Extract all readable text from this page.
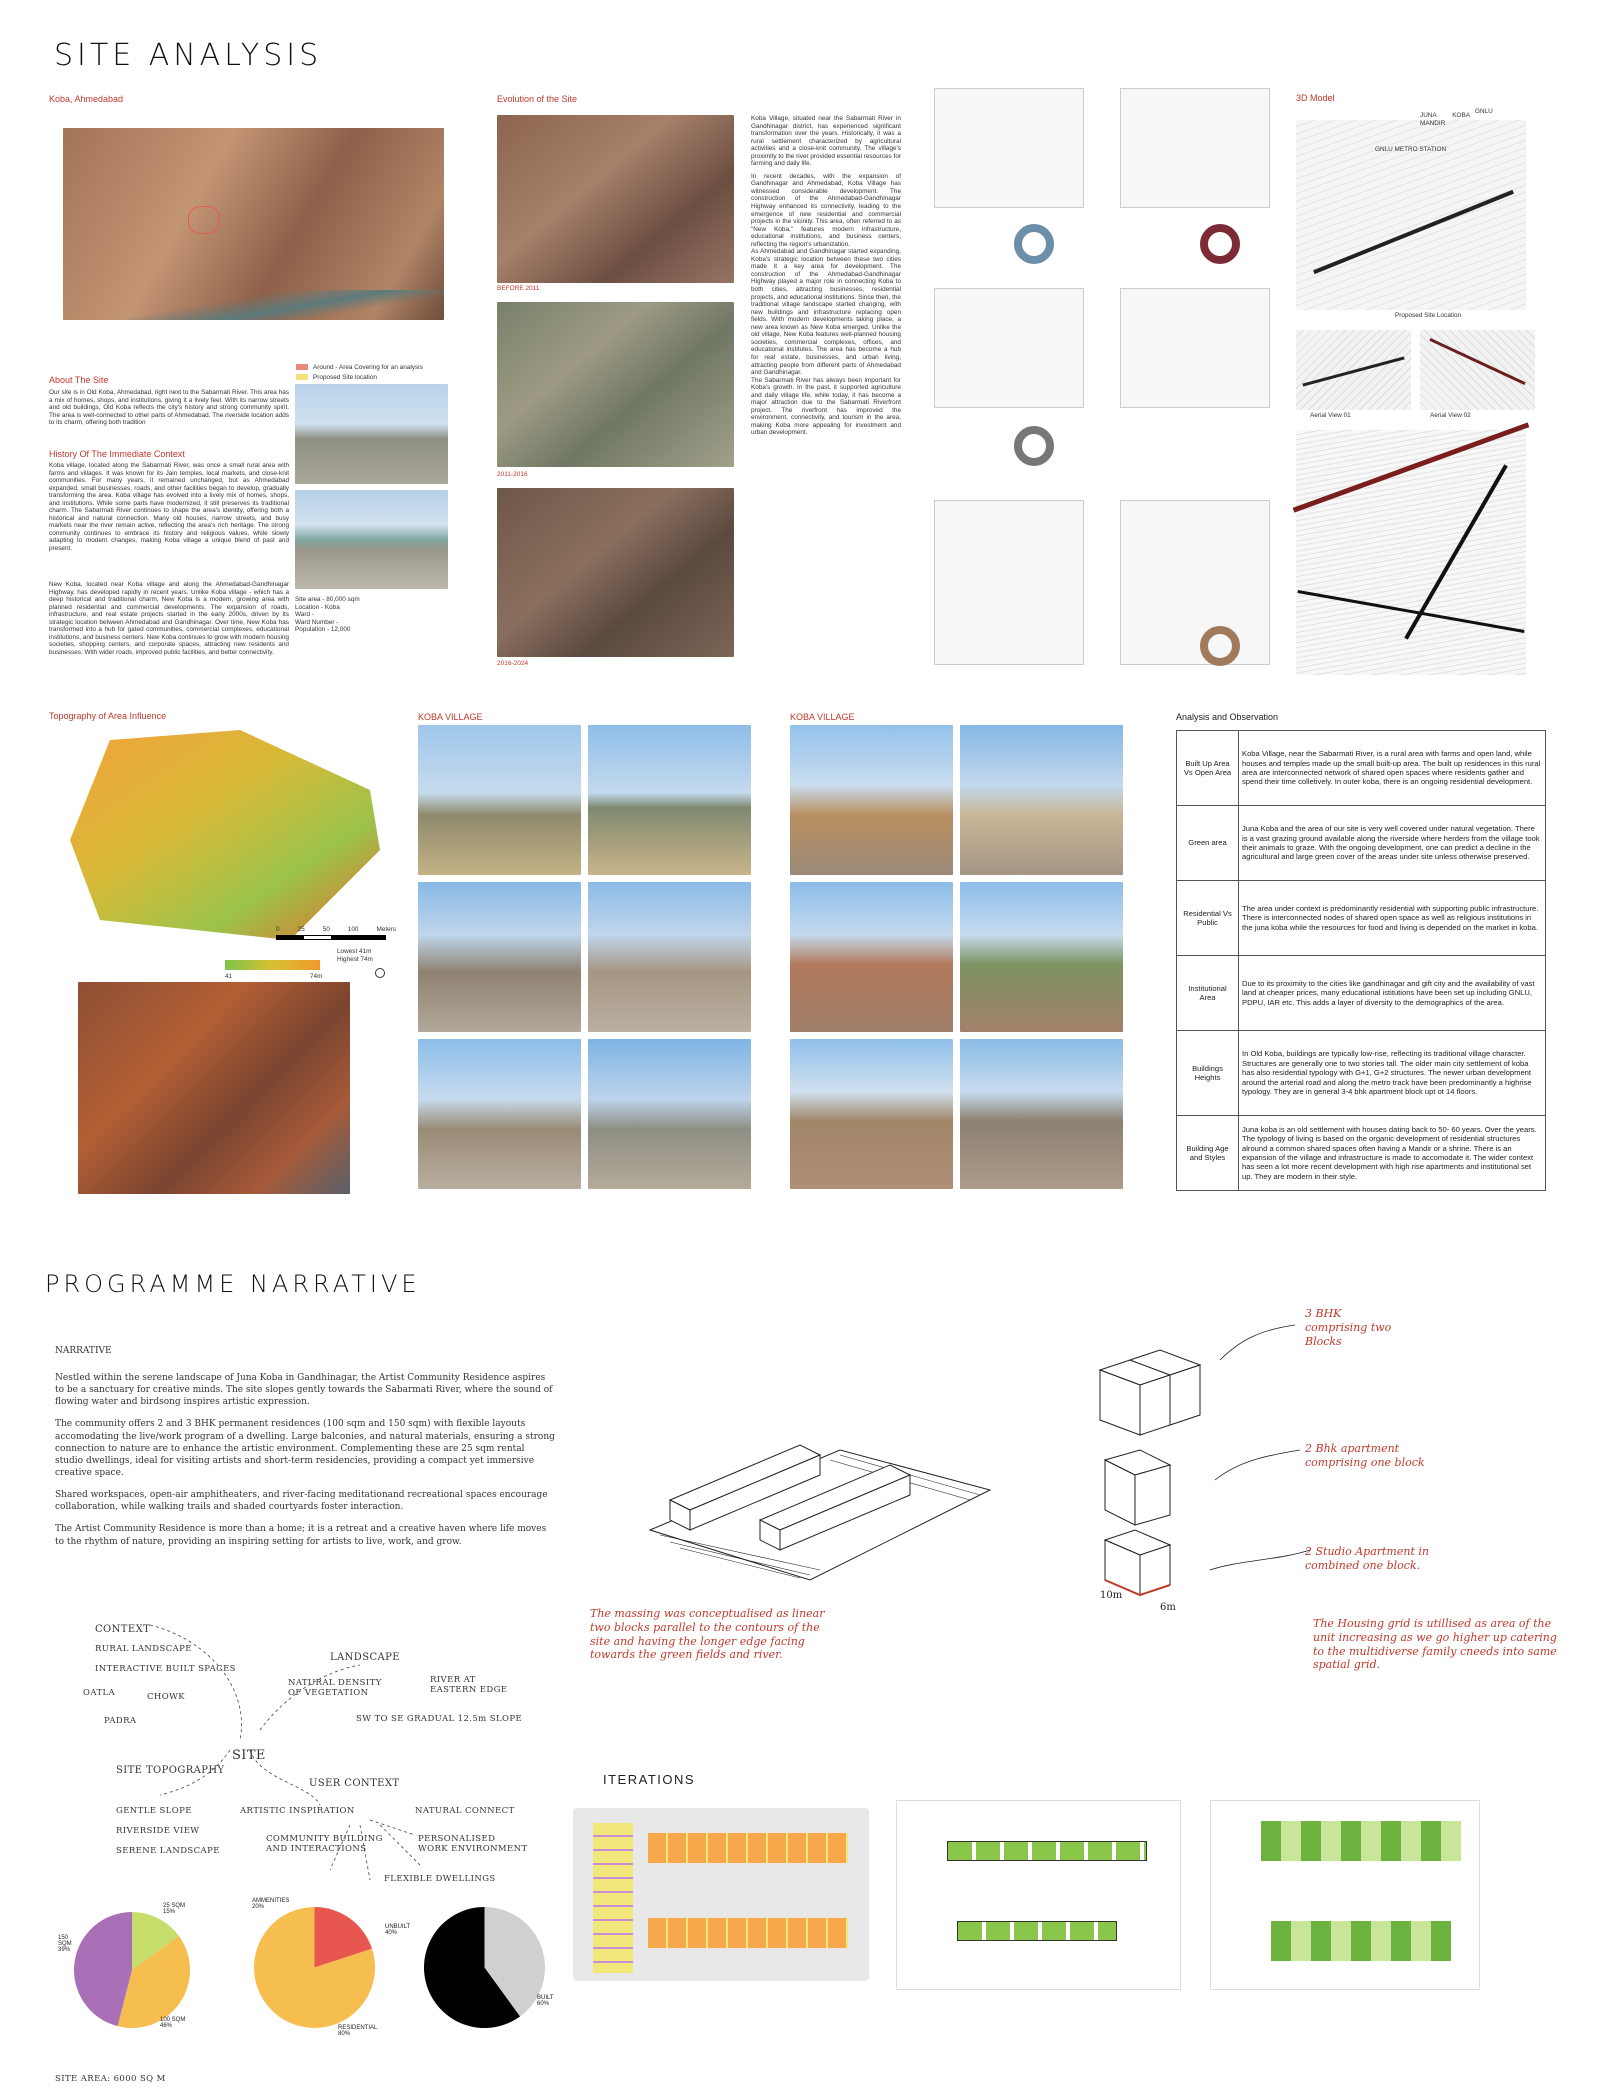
SITE ANALYSIS
Koba, Ahmedabad
Around - Area Covering for an analysis
Proposed Site location
About The Site
Our site is in Old Koba, Ahmedabad, right next to the Sabarmati River. This area has a mix of homes, shops, and institutions, giving it a lively feel. With its narrow streets and old buildings, Old Koba reflects the city's history and strong community spirit. The area is well-connected to other parts of Ahmedabad. The riverside location adds to its charm, offering both tradition
History Of The Immediate Context
Koba village, located along the Sabarmati River, was once a small rural area with farms and villages. It was known for its Jain temples, local markets, and close-knit communities. For many years, it remained unchanged, but as Ahmedabad expanded, small businesses, roads, and other facilities began to develop, gradually transforming the area. Koba village has evolved into a lively mix of homes, shops, and institutions. While some parts have modernized, it still preserves its traditional charm. The Sabarmati River continues to shape the area's identity, offering both a historical and natural connection. Many old houses, narrow streets, and busy markets near the river remain active, reflecting the area's rich heritage. The strong community continues to embrace its history and religious values, while slowly adapting to modern changes, making Koba village a unique blend of past and present.
New Koba, located near Koba village and along the Ahmedabad-Gandhinagar Highway, has developed rapidly in recent years. Unlike Koba village - which has a deep historical and traditional charm, New Koba is a modern, growing area with planned residential and commercial developments. The expansion of roads, infrastructure, and real estate projects started in the early 2000s, driven by its strategic location between Ahmedabad and Gandhinagar. Over time, New Koba has transformed into a hub for gated communities, commercial complexes, educational institutions, and business centers. New Koba continues to grow with modern housing societies, shopping centers, and corporate spaces, attracting new residents and businesses. With wider roads, improved public facilities, and better connectivity.
Site area - 80,000 sqm
Location - Koba
Ward -
Ward Number -
Population - 12,000
Evolution of the Site
BEFORE 2011
2011-2016
2016-2024
Koba Village, situated near the Sabarmati River in Gandhinagar district, has experienced significant transformation over the years. Historically, it was a rural settlement characterized by agricultural activities and a close-knit community. The village's proximity to the river provided essential resources for farming and daily life.
In recent decades, with the expansion of Gandhinagar and Ahmedabad, Koba Village has witnessed considerable development. The construction of the Ahmedabad-Gandhinagar Highway enhanced its connectivity, leading to the emergence of new residential and commercial projects in the vicinity. This area, often referred to as "New Koba," features modern infrastructure, educational institutions, and business centers, reflecting the region's urbanization.
As Ahmedabad and Gandhinagar started expanding, Koba's strategic location between these two cities made it a key area for development. The construction of the Ahmedabad-Gandhinagar Highway played a major role in connecting Koba to both cities, attracting businesses, residential projects, and educational institutions. Since then, the traditional village landscape started changing, with new buildings and infrastructure replacing open fields. With modern developments taking place, a new area known as New Koba emerged. Unlike the old village, New Koba features well-planned housing societies, commercial complexes, offices, and educational institutes. The area has become a hub for real estate, businesses, and urban living, attracting people from different parts of Ahmedabad and Gandhinagar.
The Sabarmati River has always been important for Koba's growth. In the past, it supported agriculture and daily village life, while today, it has become a major attraction due to the Sabarmati Riverfront project. The riverfront has improved the environment, connectivity, and tourism in the area, making Koba more appealing for investment and urban development.
3D Model
GNLU
JUNA KOBA MANDIR
GNLU METRO STATION
Proposed Site Location
Aerial View 01	Aerial View 02
Topography of Area Influence
0	25	50	100	Meters
Lowest 41m
Highest 74m
41	74m
KOBA VILLAGE	KOBA VILLAGE	Analysis and Observation
Built Up Area Vs Open Area	Koba Village, near the Sabarmati River, is a rural area with farms and open land, while houses and temples made up the small built-up area. The built up residences in this rural area are interconnected network of shared open spaces where residents gather and spend their time colletively. In outer koba, there is an ongoing residential development.
Green area	Juna Koba and the area of our site is very well covered under natural vegetation. There is a vast grazing ground available along the riverside where herders from the village took their animals to graze. With the ongoing development, one can predict a decline in the agricultural and large green cover of the areas under site unless otherwise preserved.
Residential Vs Public	The area under context is predominantly residential with supporting public infrastructure. There is interconnected nodes of shared open space as well as religious institutions in the juna koba while the resources for food and living is depended on the market in koba.
Institutional Area	Due to its proximity to the cities like gandhinagar and gift city and the availability of vast land at cheaper prices, many educational istitutions have been set up including GNLU, PDPU, IAR etc. This adds a layer of diversity to the demographics of the area.
Buildings Heights	In Old Koba, buildings are typically low-rise, reflecting its traditional village character. Structures are generally one to two stories tall. The older main city settlement of koba has also residential typology with G+1, G+2 structures. The newer urban development around the arterial road and along the metro track have been predominantly a highrise typology. They are in general 3-4 bhk apartment block upt ot 14 floors.
Building Age and Styles	Juna koba is an old settlement with houses dating back to 50- 60 years. Over the years. The typology of living is based on the organic development of residential structures alround a common shared spaces often having a Mandir or a shrine. There is an expansion of the village and infrastructure is made to accomodate it. The wider context has seen a lot more recent development with high rise apartments and institutional set up. They are modern in their style.
PROGRAMME NARRATIVE
NARRATIVE

Nestled within the serene landscape of Juna Koba in Gandhinagar, the Artist Community Residence aspires to be a sanctuary for creative minds. The site slopes gently towards the Sabarmati River, where the sound of flowing water and birdsong inspires artistic expression.

The community offers 2 and 3 BHK permanent residences (100 sqm and 150 sqm) with flexible layouts accomodating the live/work program of a dwelling. Large balconies, and natural materials, ensuring a strong connection to nature are to enhance the artistic environment. Complementing these are 25 sqm rental studio dwellings, ideal for visiting artists and short-term residencies, providing a compact yet immersive creative space.

Shared workspaces, open-air amphitheaters, and river-facing meditationand recreational spaces encourage collaboration, while walking trails and shaded courtyards foster interaction.

The Artist Community Residence is more than a home; it is a retreat and a creative haven where life moves to the rhythm of nature, providing an inspiring setting for artists to live, work, and grow.

SITE
CONTEXT
RURAL LANDSCAPE
INTERACTIVE BUILT SPACES
OATLA	CHOWK
PADRA
LANDSCAPE
NATURAL DENSITY OF VEGETATION
RIVER AT EASTERN EDGE
SW TO SE GRADUAL 12.5m SLOPE
SITE TOPOGRAPHY
GENTLE SLOPE
RIVERSIDE VIEW
SERENE LANDSCAPE
USER CONTEXT
ARTISTIC INSPIRATION	NATURAL CONNECT
COMMUNITY BUILDING AND INTERACTIONS
PERSONALISED WORK ENVIRONMENT
FLEXIBLE DWELLINGS
25 SQM 15%
150 SQM 39%
100 SQM 46%
AMMENITIES 20%
RESIDENTIAL 80%
UNBUILT 40%
BUILT 60%
SITE AREA: 6000 SQ M
The massing was conceptualised as linear two blocks parallel to the contours of the site and having the longer edge facing towards the green fields and river.
10m
6m
3 BHK comprising two Blocks
2 Bhk apartment comprising one block
2 Studio Apartment in combined one block.
The Housing grid is utillised as area of the unit increasing as we go higher up catering to the multidiverse family cneeds into same spatial grid.
ITERATIONS
